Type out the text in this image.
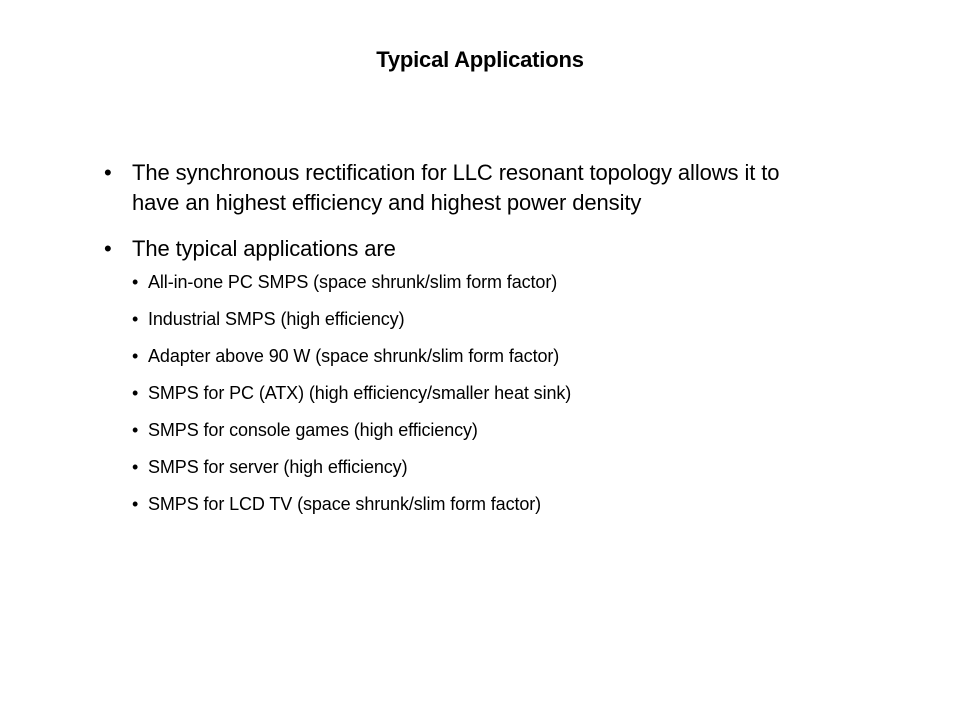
Typical Applications
• The synchronous rectification for LLC resonant topology allows it to have an highest efficiency and highest power density
• The typical applications are
• All-in-one PC SMPS (space shrunk/slim form factor)
• Industrial SMPS (high efficiency)
• Adapter above 90 W (space shrunk/slim form factor)
• SMPS for PC (ATX) (high efficiency/smaller heat sink)
• SMPS for console games (high efficiency)
• SMPS for server (high efficiency)
• SMPS for LCD TV (space shrunk/slim form factor)
